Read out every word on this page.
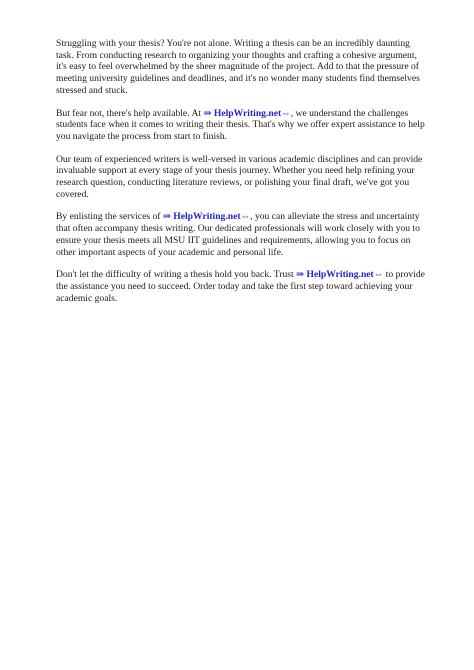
Struggling with your thesis? You're not alone. Writing a thesis can be an incredibly daunting task. From conducting research to organizing your thoughts and crafting a cohesive argument, it's easy to feel overwhelmed by the sheer magnitude of the project. Add to that the pressure of meeting university guidelines and deadlines, and it's no wonder many students find themselves stressed and stuck.

But fear not, there's help available. At ⇒ HelpWriting.net⇔, we understand the challenges students face when it comes to writing their thesis. That's why we offer expert assistance to help you navigate the process from start to finish.

Our team of experienced writers is well-versed in various academic disciplines and can provide invaluable support at every stage of your thesis journey. Whether you need help refining your research question, conducting literature reviews, or polishing your final draft, we've got you covered.

By enlisting the services of ⇒ HelpWriting.net⇔, you can alleviate the stress and uncertainty that often accompany thesis writing. Our dedicated professionals will work closely with you to ensure your thesis meets all MSU IIT guidelines and requirements, allowing you to focus on other important aspects of your academic and personal life.

Don't let the difficulty of writing a thesis hold you back. Trust ⇒ HelpWriting.net⇔ to provide the assistance you need to succeed. Order today and take the first step toward achieving your academic goals.
